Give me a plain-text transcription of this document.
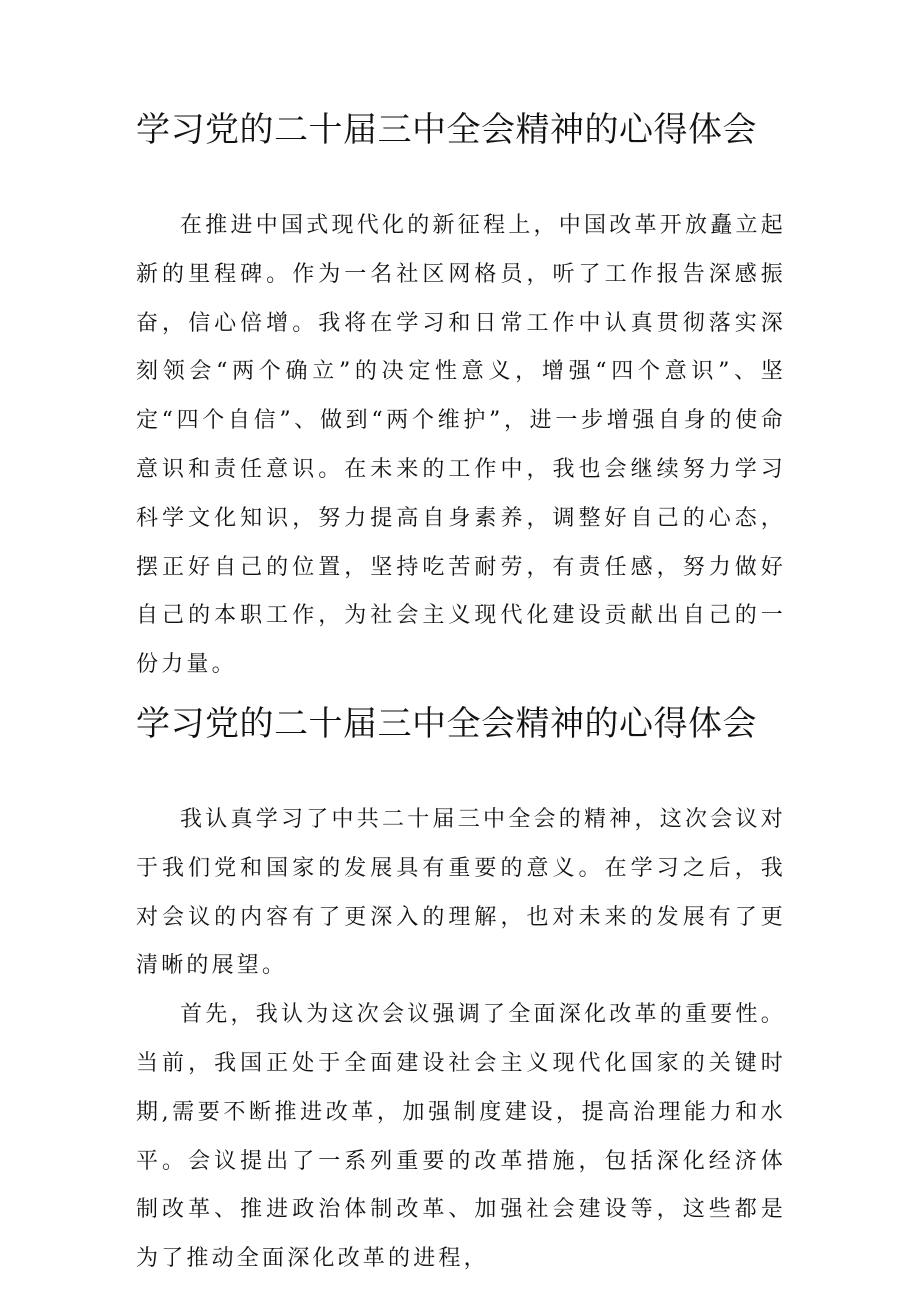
学习党的二十届三中全会精神的心得体会

在推进中国式现代化的新征程上，中国改革开放矗立起新的里程碑。作为一名社区网格员，听了工作报告深感振奋，信心倍增。我将在学习和日常工作中认真贯彻落实深刻领会“两个确立”的决定性意义，增强“四个意识”、坚定“四个自信”、做到“两个维护”，进一步增强自身的使命意识和责任意识。在未来的工作中，我也会继续努力学习科学文化知识，努力提高自身素养，调整好自己的心态，摆正好自己的位置，坚持吃苦耐劳，有责任感，努力做好自己的本职工作，为社会主义现代化建设贡献出自己的一份力量。

学习党的二十届三中全会精神的心得体会

我认真学习了中共二十届三中全会的精神，这次会议对于我们党和国家的发展具有重要的意义。在学习之后，我对会议的内容有了更深入的理解，也对未来的发展有了更清晰的展望。

首先，我认为这次会议强调了全面深化改革的重要性。当前，我国正处于全面建设社会主义现代化国家的关键时期,需要不断推进改革，加强制度建设，提高治理能力和水平。会议提出了一系列重要的改革措施，包括深化经济体制改革、推进政治体制改革、加强社会建设等，这些都是为了推动全面深化改革的进程，
